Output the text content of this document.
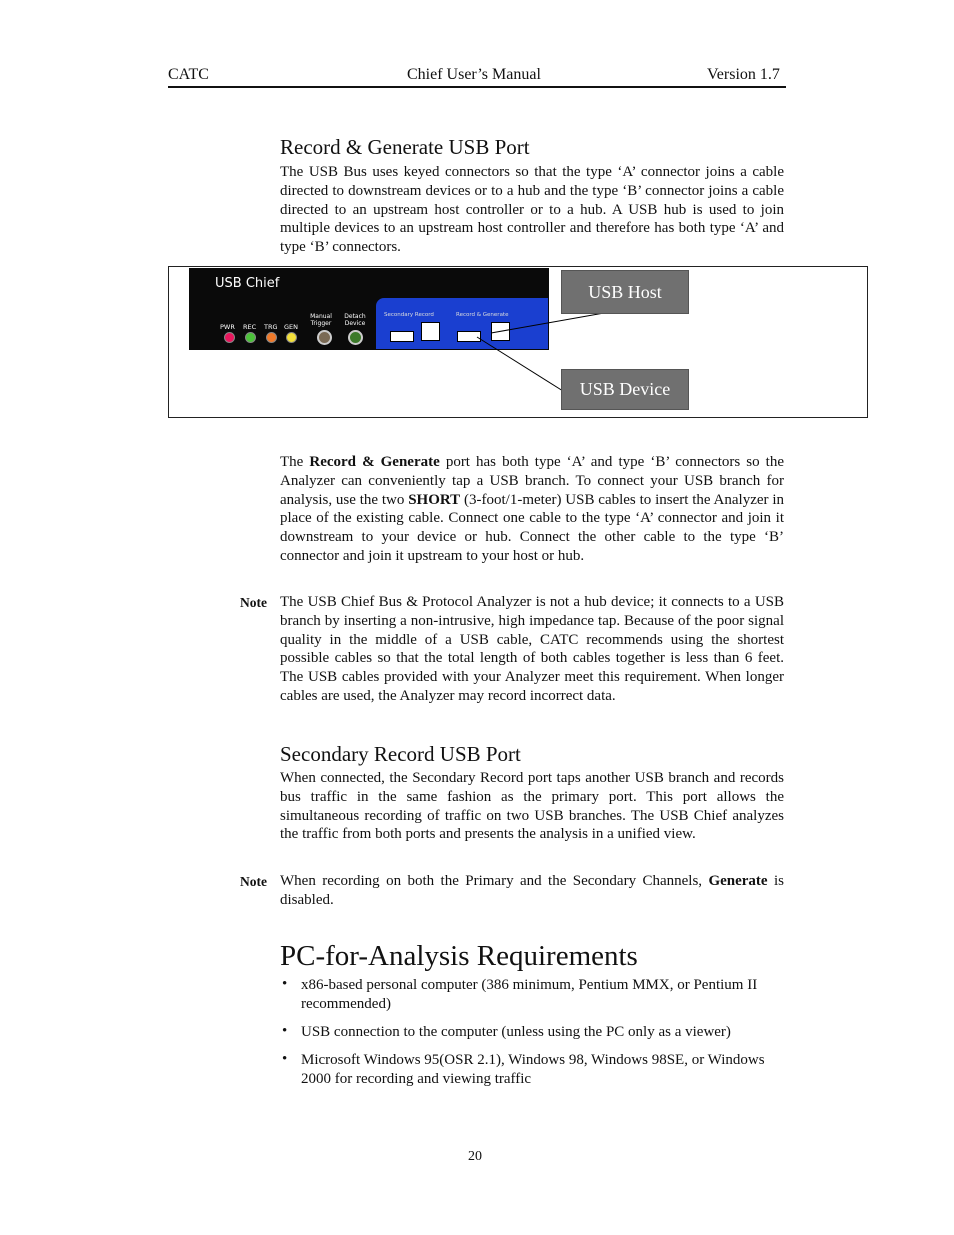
CATC	Chief User’s Manual	Version 1.7
Record & Generate USB Port
The USB Bus uses keyed connectors so that the type ‘A’ connector joins a cable directed to downstream devices or to a hub and the type ‘B’ connector joins a cable directed to an upstream host controller or to a hub. A USB hub is used to join multiple devices to an upstream host controller and therefore has both type ‘A’ and type ‘B’ connectors.
USB Chief
PWR REC TRG GEN
Manual Trigger
Detach Device
Secondary Record	Record & Generate
USB Host
USB Device
The Record & Generate port has both type ‘A’ and type ‘B’ connectors so the Analyzer can conveniently tap a USB branch. To connect your USB branch for analysis, use the two SHORT (3-foot/1-meter) USB cables to insert the Analyzer in place of the existing cable. Connect one cable to the type ‘A’ connector and join it downstream to your device or hub. Connect the other cable to the type ‘B’ connector and join it upstream to your host or hub.
Note The USB Chief Bus & Protocol Analyzer is not a hub device; it connects to a USB branch by inserting a non-intrusive, high impedance tap. Because of the poor signal quality in the middle of a USB cable, CATC recommends using the shortest possible cables so that the total length of both cables together is less than 6 feet. The USB cables provided with your Analyzer meet this requirement. When longer cables are used, the Analyzer may record incorrect data.
Secondary Record USB Port
When connected, the Secondary Record port taps another USB branch and records bus traffic in the same fashion as the primary port. This port allows the simultaneous recording of traffic on two USB branches. The USB Chief analyzes the traffic from both ports and presents the analysis in a unified view.
Note When recording on both the Primary and the Secondary Channels, Generate is disabled.
PC-for-Analysis Requirements
• x86-based personal computer (386 minimum, Pentium MMX, or Pentium II recommended)
• USB connection to the computer (unless using the PC only as a viewer)
• Microsoft Windows 95(OSR 2.1), Windows 98, Windows 98SE, or Windows 2000 for recording and viewing traffic
20
